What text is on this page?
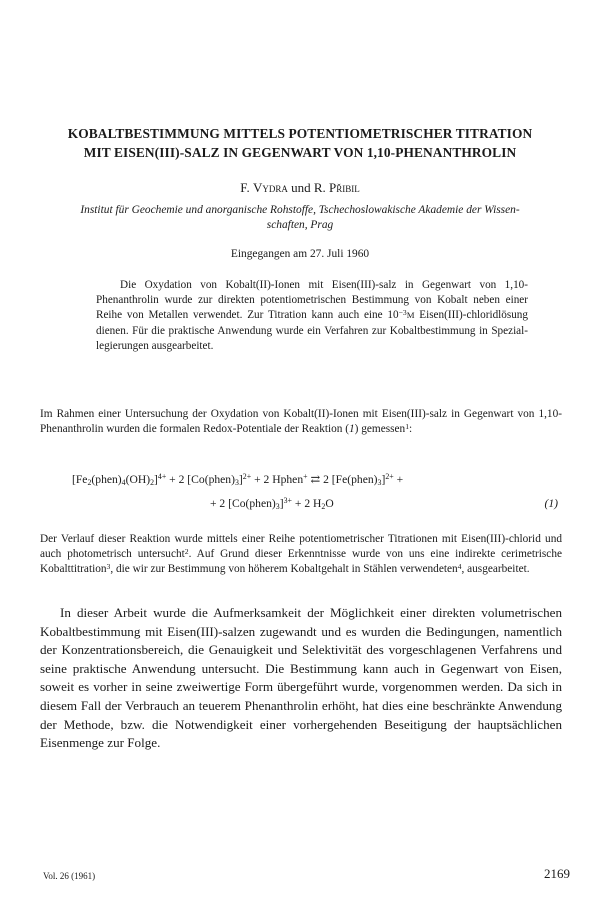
KOBALTBESTIMMUNG MITTELS POTENTIOMETRISCHER TITRATION
MIT EISEN(III)-SALZ IN GEGENWART VON 1,10-PHENANTHROLIN
F. Vydra und R. Přibil
Institut für Geochemie und anorganische Rohstoffe, Tschechoslowakische Akademie der Wissen-
schaften, Prag
Eingegangen am 27. Juli 1960

Die Oxydation von Kobalt(II)-Ionen mit Eisen(III)-salz in Gegenwart von 1,10-Phenanthrolin wurde zur direkten potentiometrischen Bestimmung von Kobalt neben einer Reihe von Metallen verwendet. Zur Titration kann auch eine $10^{-3}M$ Eisen(III)-chloridlösung dienen. Für die praktische Anwendung wurde ein Verfahren zur Kobaltbestimmung in Speziallegierungen ausgearbeitet.

Im Rahmen einer Untersuchung der Oxydation von Kobalt(II)-Ionen mit Eisen(III)-salz in Gegenwart von 1,10-Phenanthrolin wurden die formalen Redox-Potentiale der Reaktion (1) gemessen$^1$:

$[Fe_2(phen)_4(OH)_2]^{4+} + 2$ $[Co(phen)_3]^{2+} + 2$ Hphen+ ⇄ 2 $[Fe(phen)_3]^{2+}$ +
+ 2 $[Co(phen)_3]^{3+} + 2$ $H_2O$	(1)

Der Verlauf dieser Reaktion wurde mittels einer Reihe potentiometrischer Titrationen mit Eisen(III)-chlorid und auch photometrisch untersucht$^2$. Auf Grund dieser Erkenntnisse wurde von uns eine indirekte cerimetrische Kobalttitration$^3$, die wir zur Bestimmung von höherem Kobaltgehalt in Stählen verwendeten$^4$, ausgearbeitet.

In dieser Arbeit wurde die Aufmerksamkeit der Möglichkeit einer direkten volumetrischen Kobaltbestimmung mit Eisen(III)-salzen zugewandt und es wurden die Bedingungen, namentlich der Konzentrationsbereich, die Genauigkeit und Selektivität des vorgeschlagenen Verfahrens und seine praktische Anwendung untersucht. Die Bestimmung kann auch in Gegenwart von Eisen, soweit es vorher in seine zweiwertige Form übergeführt wurde, vorgenommen werden. Da sich in diesem Fall der Verbrauch an teuerem Phenanthrolin erhöht, hat dies eine beschränkte Anwendung der Methode, bzw. die Notwendigkeit einer vorhergehenden Beseitigung der hauptsächlichen Eisenmenge zur Folge.

Vol. 26 (1961)	2169
